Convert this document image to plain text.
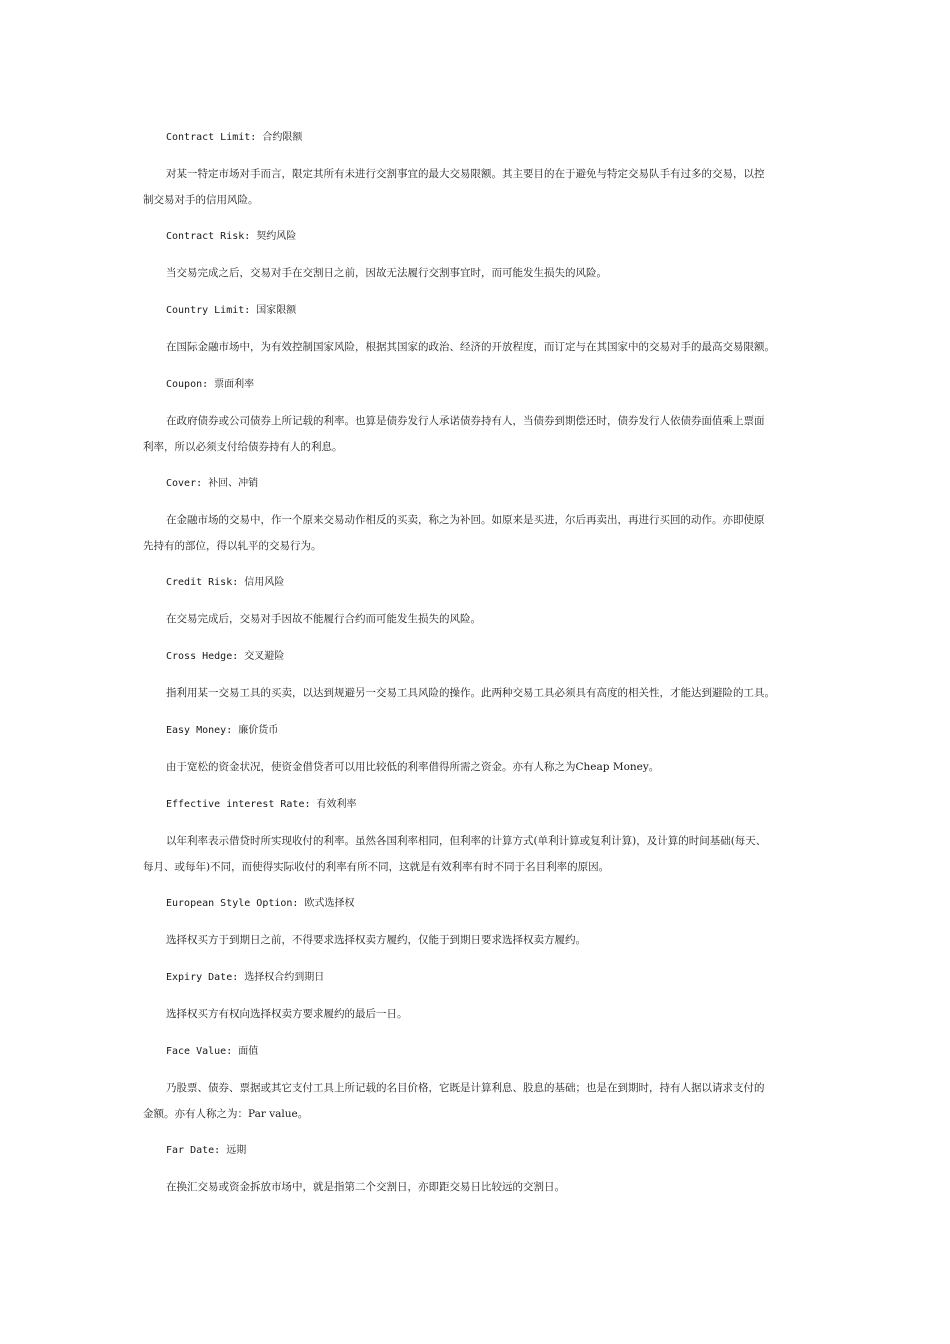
Contract Limit: 合约限额
对某一特定市场对手而言，限定其所有未进行交割事宜的最大交易限额。其主要目的在于避免与特定交易队手有过多的交易，以控
制交易对手的信用风险。
Contract Risk: 契约风险
当交易完成之后，交易对手在交割日之前，因故无法履行交割事宜时，而可能发生损失的风险。
Country Limit: 国家限额
在国际金融市场中，为有效控制国家风险，根据其国家的政治、经济的开放程度，而订定与在其国家中的交易对手的最高交易限额。
Coupon: 票面利率
在政府债券或公司债券上所记载的利率。也算是债券发行人承诺债券持有人，当债券到期偿还时，债券发行人依债券面值乘上票面
利率，所以必须支付给债券持有人的利息。
Cover: 补回、冲销
在金融市场的交易中，作一个原来交易动作相反的买卖，称之为补回。如原来是买进，尔后再卖出，再进行买回的动作。亦即使原
先持有的部位，得以轧平的交易行为。
Credit Risk: 信用风险
在交易完成后，交易对手因故不能履行合约而可能发生损失的风险。
Cross Hedge: 交叉避险
指利用某一交易工具的买卖，以达到规避另一交易工具风险的操作。此两种交易工具必须具有高度的相关性，才能达到避险的工具。
Easy Money: 廉价货币
由于宽松的资金状况，使资金借贷者可以用比较低的利率借得所需之资金。亦有人称之为Cheap Money。
Effective interest Rate: 有效利率
以年利率表示借贷时所实现收付的利率。虽然各国利率相同，但利率的计算方式(单利计算或复利计算)，及计算的时间基础(每天、
每月、或每年)不同，而使得实际收付的利率有所不同，这就是有效利率有时不同于名目利率的原因。
European Style Option: 欧式选择权
选择权买方于到期日之前，不得要求选择权卖方履约，仅能于到期日要求选择权卖方履约。
Expiry Date: 选择权合约到期日
选择权买方有权向选择权卖方要求履约的最后一日。
Face Value: 面值
乃股票、债券、票据或其它支付工具上所记载的名目价格，它既是计算利息、股息的基础；也是在到期时，持有人据以请求支付的
金额。亦有人称之为：Par value。
Far Date: 远期
在换汇交易或资金拆放市场中，就是指第二个交割日，亦即距交易日比较远的交割日。
